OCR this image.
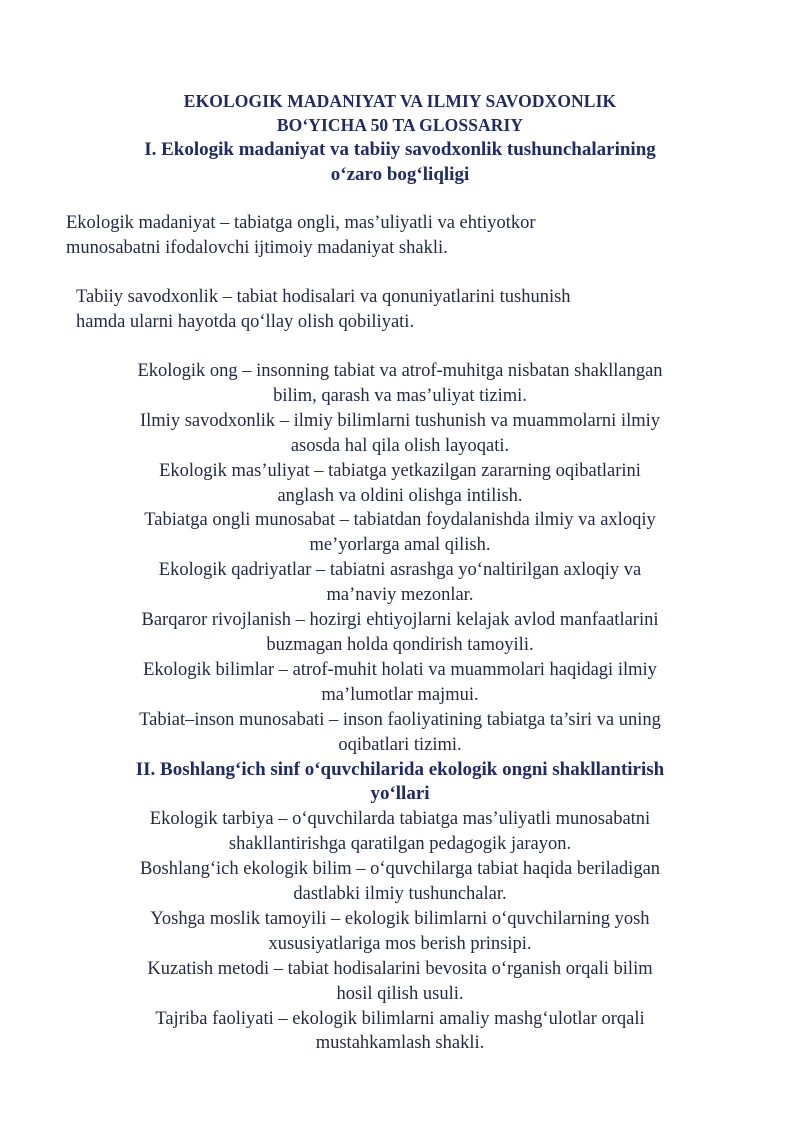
EKOLOGIK MADANIYAT VA ILMIY SAVODXONLIK
BO‘YICHA 50 TA GLOSSARIY
I. Ekologik madaniyat va tabiiy savodxonlik tushunchalarining
o‘zaro bog‘liqligi
Ekologik madaniyat – tabiatga ongli, mas’uliyatli va ehtiyotkor
munosabatni ifodalovchi ijtimoiy madaniyat shakli.
Tabiiy savodxonlik – tabiat hodisalari va qonuniyatlarini tushunish
hamda ularni hayotda qo‘llay olish qobiliyati.
Ekologik ong – insonning tabiat va atrof-muhitga nisbatan shakllangan
bilim, qarash va mas’uliyat tizimi.
Ilmiy savodxonlik – ilmiy bilimlarni tushunish va muammolarni ilmiy
asosda hal qila olish layoqati.
Ekologik mas’uliyat – tabiatga yetkazilgan zararning oqibatlarini
anglash va oldini olishga intilish.
Tabiatga ongli munosabat – tabiatdan foydalanishda ilmiy va axloqiy
me’yorlarga amal qilish.
Ekologik qadriyatlar – tabiatni asrashga yo‘naltirilgan axloqiy va
ma’naviy mezonlar.
Barqaror rivojlanish – hozirgi ehtiyojlarni kelajak avlod manfaatlarini
buzmagan holda qondirish tamoyili.
Ekologik bilimlar – atrof-muhit holati va muammolari haqidagi ilmiy
ma’lumotlar majmui.
Tabiat–inson munosabati – inson faoliyatining tabiatga ta’siri va uning
oqibatlari tizimi.
II. Boshlang‘ich sinf o‘quvchilarida ekologik ongni shakllantirish
yo‘llari
Ekologik tarbiya – o‘quvchilarda tabiatga mas’uliyatli munosabatni
shakllantirishga qaratilgan pedagogik jarayon.
Boshlang‘ich ekologik bilim – o‘quvchilarga tabiat haqida beriladigan
dastlabki ilmiy tushunchalar.
Yoshga moslik tamoyili – ekologik bilimlarni o‘quvchilarning yosh
xususiyatlariga mos berish prinsipi.
Kuzatish metodi – tabiat hodisalarini bevosita o‘rganish orqali bilim
hosil qilish usuli.
Tajriba faoliyati – ekologik bilimlarni amaliy mashg‘ulotlar orqali
mustahkamlash shakli.
